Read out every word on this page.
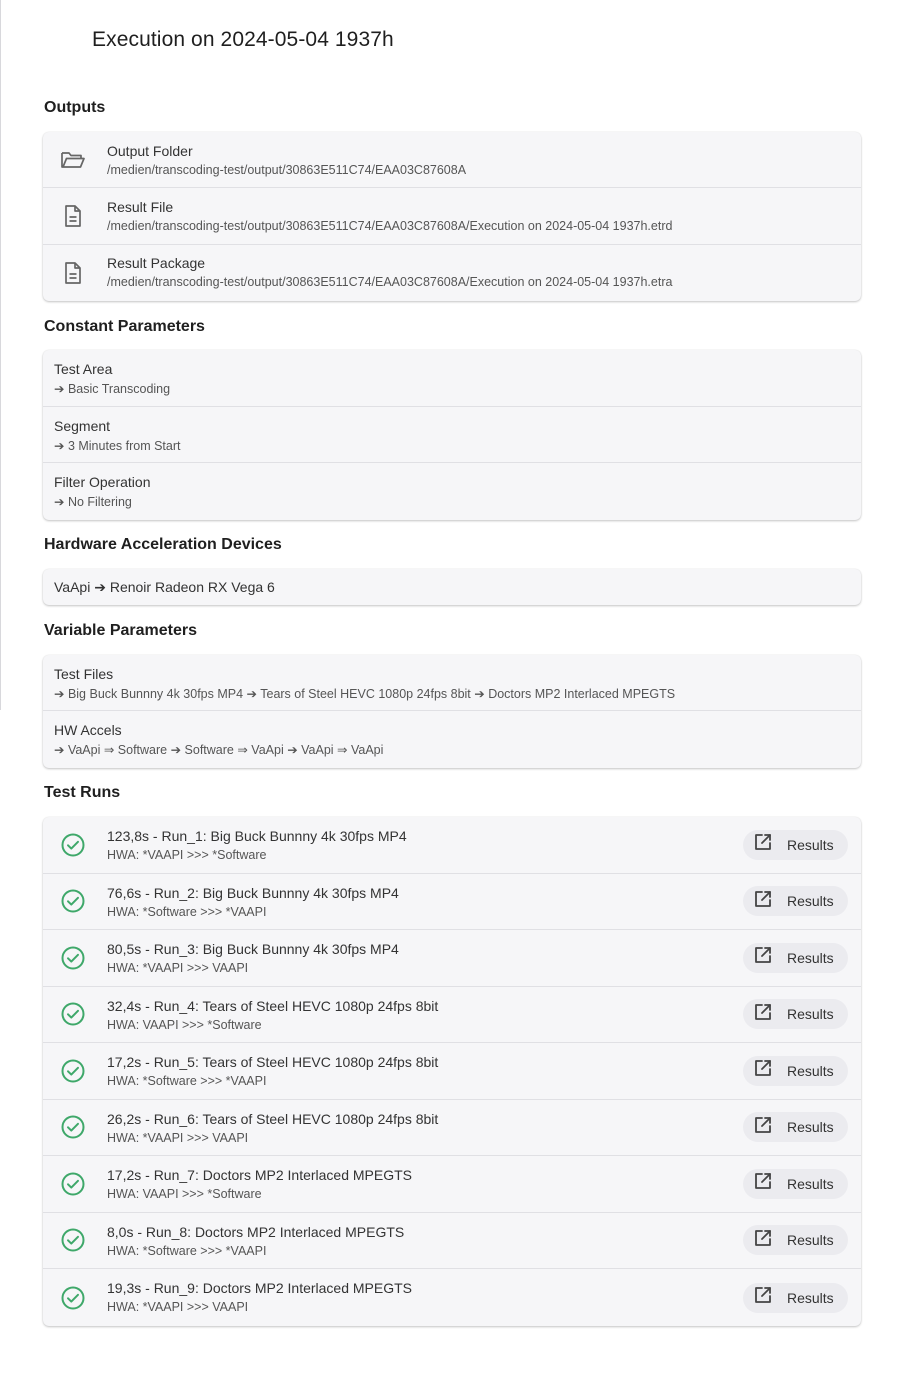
Execution on 2024-05-04 1937h
Outputs
Output Folder
/medien/transcoding-test/output/30863E511C74/EAA03C87608A
Result File
/medien/transcoding-test/output/30863E511C74/EAA03C87608A/Execution on 2024-05-04 1937h.etrd
Result Package
/medien/transcoding-test/output/30863E511C74/EAA03C87608A/Execution on 2024-05-04 1937h.etra
Constant Parameters
Test Area
➔ Basic Transcoding
Segment
➔ 3 Minutes from Start
Filter Operation
➔ No Filtering
Hardware Acceleration Devices
VaApi ➔ Renoir Radeon RX Vega 6
Variable Parameters
Test Files
➔ Big Buck Bunnny 4k 30fps MP4 ➔ Tears of Steel HEVC 1080p 24fps 8bit ➔ Doctors MP2 Interlaced MPEGTS
HW Accels
➔ VaApi ⇒ Software ➔ Software ⇒ VaApi ➔ VaApi ⇒ VaApi
Test Runs
123,8s - Run_1: Big Buck Bunnny 4k 30fps MP4
HWA: *VAAPI >>> *Software
Results
76,6s - Run_2: Big Buck Bunnny 4k 30fps MP4
HWA: *Software >>> *VAAPI
Results
80,5s - Run_3: Big Buck Bunnny 4k 30fps MP4
HWA: *VAAPI >>> VAAPI
Results
32,4s - Run_4: Tears of Steel HEVC 1080p 24fps 8bit
HWA: VAAPI >>> *Software
Results
17,2s - Run_5: Tears of Steel HEVC 1080p 24fps 8bit
HWA: *Software >>> *VAAPI
Results
26,2s - Run_6: Tears of Steel HEVC 1080p 24fps 8bit
HWA: *VAAPI >>> VAAPI
Results
17,2s - Run_7: Doctors MP2 Interlaced MPEGTS
HWA: VAAPI >>> *Software
Results
8,0s - Run_8: Doctors MP2 Interlaced MPEGTS
HWA: *Software >>> *VAAPI
Results
19,3s - Run_9: Doctors MP2 Interlaced MPEGTS
HWA: *VAAPI >>> VAAPI
Results
